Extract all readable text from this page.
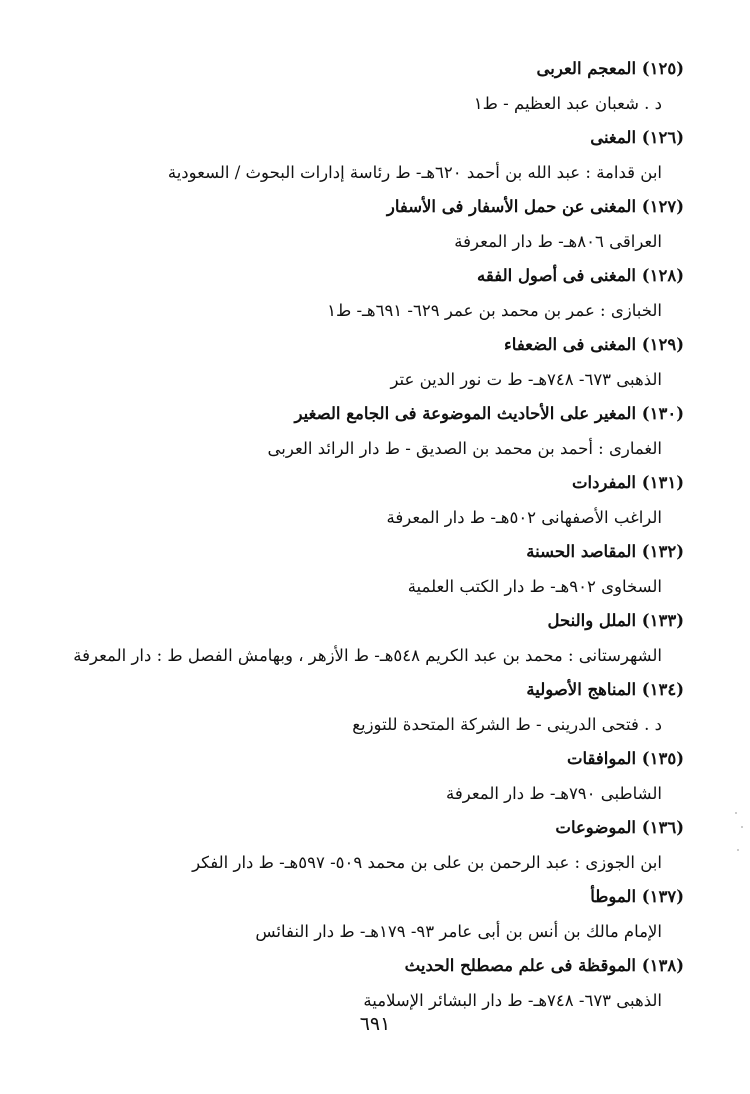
(١٢٥) المعجم العربى
د . شعبان عبد العظيم - ط١
(١٢٦) المغنى
ابن قدامة : عبد الله بن أحمد ٦٢٠هـ- ط رئاسة إدارات البحوث / السعودية
(١٢٧) المغنى عن حمل الأسفار فى الأسفار
العراقى ٨٠٦هـ- ط دار المعرفة
(١٢٨) المغنى فى أصول الفقه
الخبازى : عمر بن محمد بن عمر ٦٢٩- ٦٩١هـ- ط١
(١٢٩) المغنى فى الضعفاء
الذهبى ٦٧٣- ٧٤٨هـ- ط ت نور الدين عتر
(١٣٠) المغير على الأحاديث الموضوعة فى الجامع الصغير
الغمارى : أحمد بن محمد بن الصديق - ط دار الرائد العربى
(١٣١) المفردات
الراغب الأصفهانى ٥٠٢هـ- ط دار المعرفة
(١٣٢) المقاصد الحسنة
السخاوى ٩٠٢هـ- ط دار الكتب العلمية
(١٣٣) الملل والنحل
الشهرستانى : محمد بن عبد الكريم ٥٤٨هـ- ط الأزهر ، وبهامش الفصل ط : دار المعرفة
(١٣٤) المناهج الأصولية
د . فتحى الدرينى - ط الشركة المتحدة للتوزيع
(١٣٥) الموافقات
الشاطبى ٧٩٠هـ- ط دار المعرفة
(١٣٦) الموضوعات
ابن الجوزى : عبد الرحمن بن على بن محمد ٥٠٩- ٥٩٧هـ- ط دار الفكر
(١٣٧) الموطأ
الإمام مالك بن أنس بن أبى عامر ٩٣- ١٧٩هـ- ط دار النفائس
(١٣٨) الموقظة فى علم مصطلح الحديث
الذهبى ٦٧٣- ٧٤٨هـ- ط دار البشائر الإسلامية
٦٩١
